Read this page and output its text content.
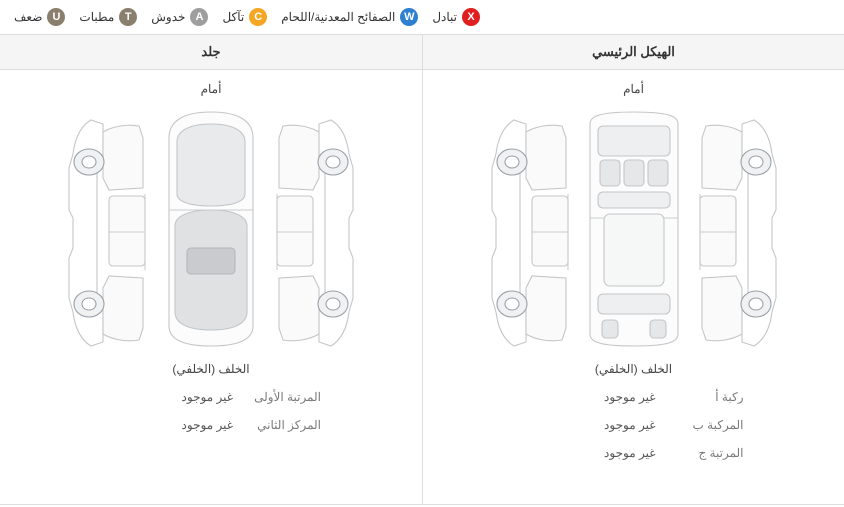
X
تبادل
W
الصفائح المعدنية/اللحام
C
تآكل
A
خدوش
T
مطبات
U
ضعف
الهيكل الرئيسي
أمام
الخلف (الخلفي)
ركبة أ
غير موجود
المركبة ب
غير موجود
المرتبة ج
غير موجود
جلد
أمام
الخلف (الخلفي)
المرتبة الأولى
غير موجود
المركز الثاني
غير موجود
